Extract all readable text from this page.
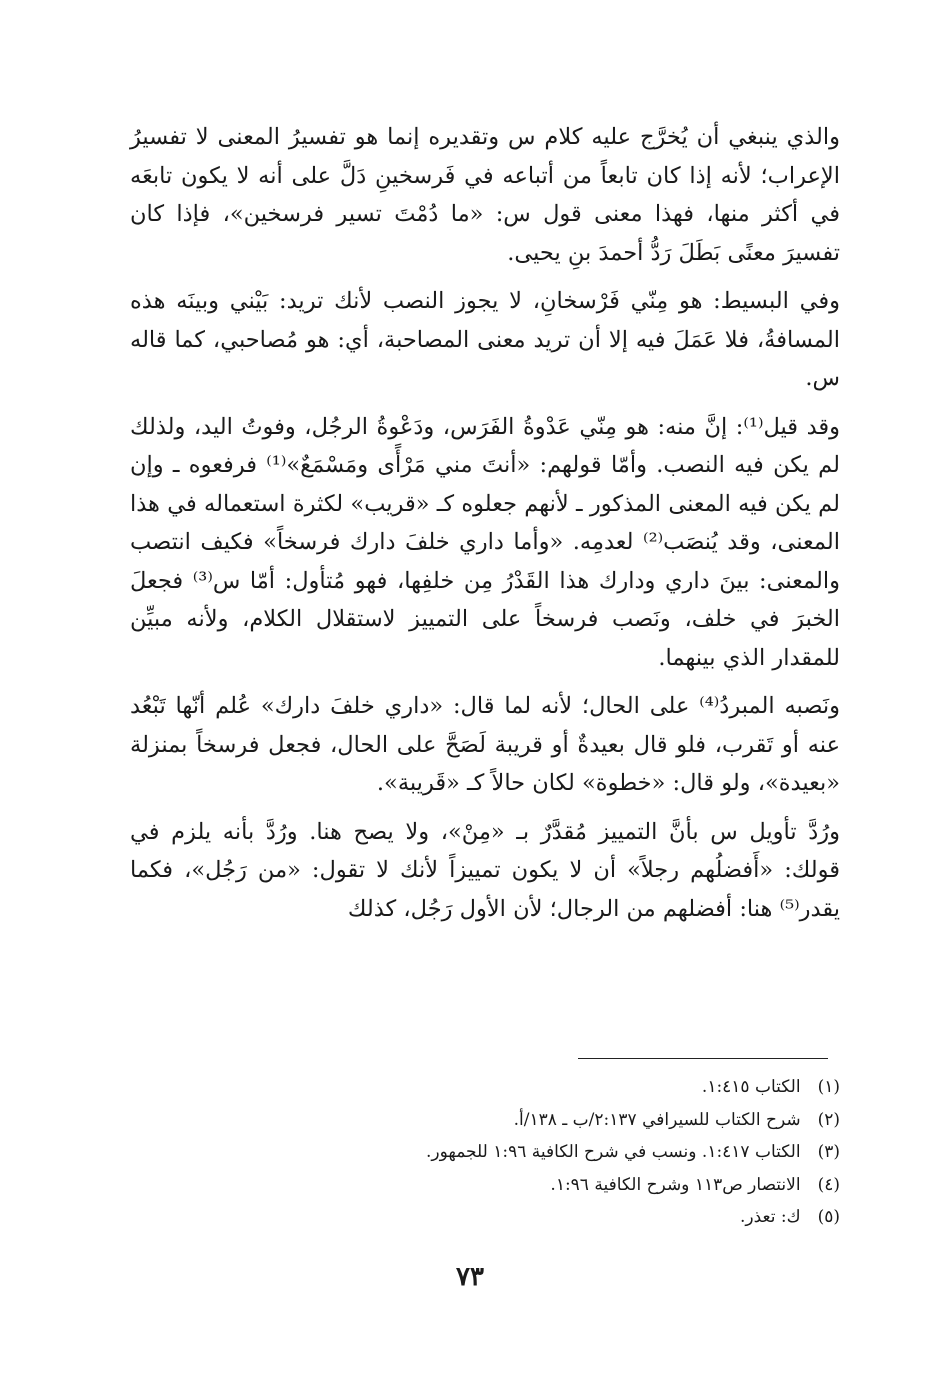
والذي ينبغي أن يُخرَّج عليه كلام س وتقديره إنما هو تفسيرُ المعنى لا تفسيرُ الإعراب؛ لأنه إذا كان تابعاً من أتباعه في فَرسخينِ دَلَّ على أنه لا يكون تابعَه في أكثر منها، فهذا معنى قول س: «ما دُمْتَ تسير فرسخين»، فإذا كان تفسيرَ معنًى بَطَلَ رَدُّ أحمدَ بنِ يحيى.

وفي البسيط: هو مِنّي فَرْسخانِ، لا يجوز النصب لأنك تريد: بَيْني وبينَه هذه المسافةُ، فلا عَمَلَ فيه إلا أن تريد معنى المصاحبة، أي: هو مُصاحبي، كما قاله س.

وقد قيل⁽¹⁾: إنَّ منه: هو مِنّي عَدْوةُ الفَرَس، ودَعْوةُ الرجُل، وفوتُ اليد، ولذلك لم يكن فيه النصب. وأمّا قولهم: «أنتَ مني مَرْأًى ومَسْمَعٌ»⁽¹⁾ فرفعوه ـ وإن لم يكن فيه المعنى المذكور ـ لأنهم جعلوه كـ «قريب» لكثرة استعماله في هذا المعنى، وقد يُنصَب⁽²⁾ لعدمِه. «وأما داري خلفَ دارك فرسخاً» فكيف انتصب والمعنى: بينَ داري ودارك هذا القَدْرُ مِن خلفِها، فهو مُتأول: أمّا س⁽³⁾ فجعلَ الخبرَ في خلف، ونَصب فرسخاً على التمييز لاستقلال الكلام، ولأنه مبيِّن للمقدار الذي بينهما.

ونَصبه المبردُ⁽⁴⁾ على الحال؛ لأنه لما قال: «داري خلفَ دارك» عُلم أنّها تَبْعُد عنه أو تَقرب، فلو قال بعيدةٌ أو قريبة لَصَحَّ على الحال، فجعل فرسخاً بمنزلة «بعيدة»، ولو قال: «خطوة» لكان حالاً كـ «قَريبة».

ورُدَّ تأويل س بأنَّ التمييز مُقدَّرٌ بـ «مِنْ»، ولا يصح هنا. ورُدَّ بأنه يلزم في قولك: «أَفضلُهم رجلاً» أن لا يكون تمييزاً لأنك لا تقول: «من رَجُل»، فكما يقدر⁽⁵⁾ هنا: أفضلهم من الرجال؛ لأن الأول رَجُل، كذلك

(١) الكتاب ١:٤١٥.
(٢) شرح الكتاب للسيرافي ٢:١٣٧/ب ـ ١٣٨/أ.
(٣) الكتاب ١:٤١٧. ونسب في شرح الكافية ١:٩٦ للجمهور.
(٤) الانتصار ص١١٣ وشرح الكافية ١:٩٦.
(٥) ك: تعذر.
٧٣
